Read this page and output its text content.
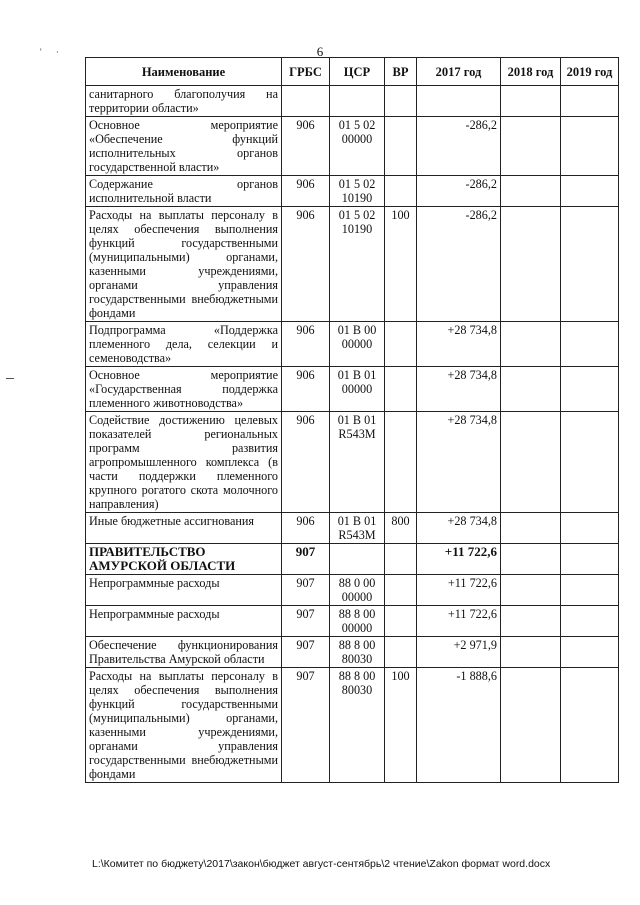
6
' ·
Наименование	ГРБС	ЦСР	ВР	2017 год	2018 год	2019 год
санитарного благополучия на территории области»						
Основное мероприятие «Обеспечение функций исполнительных органов государственной власти»	906	01 5 02 00000		-286,2		
Содержание органов исполнительной власти	906	01 5 02 10190		-286,2		
Расходы на выплаты персоналу в целях обеспечения выполнения функций государственными (муниципальными) органами, казенными учреждениями, органами управления государственными внебюджетными фондами	906	01 5 02 10190	100	-286,2		
Подпрограмма «Поддержка племенного дела, селекции и семеноводства»	906	01 В 00 00000		+28 734,8		
Основное мероприятие «Государственная поддержка племенного животноводства»	906	01 В 01 00000		+28 734,8		
Содействие достижению целевых показателей региональных программ развития агропромышленного комплекса (в части поддержки племенного крупного рогатого скота молочного направления)	906	01 В 01 R543M		+28 734,8		
Иные бюджетные ассигнования	906	01 В 01 R543M	800	+28 734,8		
ПРАВИТЕЛЬСТВО АМУРСКОЙ ОБЛАСТИ	907			+11 722,6		
Непрограммные расходы	907	88 0 00 00000		+11 722,6		
Непрограммные расходы	907	88 8 00 00000		+11 722,6		
Обеспечение функционирования Правительства Амурской области	907	88 8 00 80030		+2 971,9		
Расходы на выплаты персоналу в целях обеспечения выполнения функций государственными (муниципальными) органами, казенными учреждениями, органами управления государственными внебюджетными фондами	907	88 8 00 80030	100	-1 888,6		
L:\Комитет по бюджету\2017\закон\бюджет август-сентябрь\2 чтение\Zakon формат word.docx
